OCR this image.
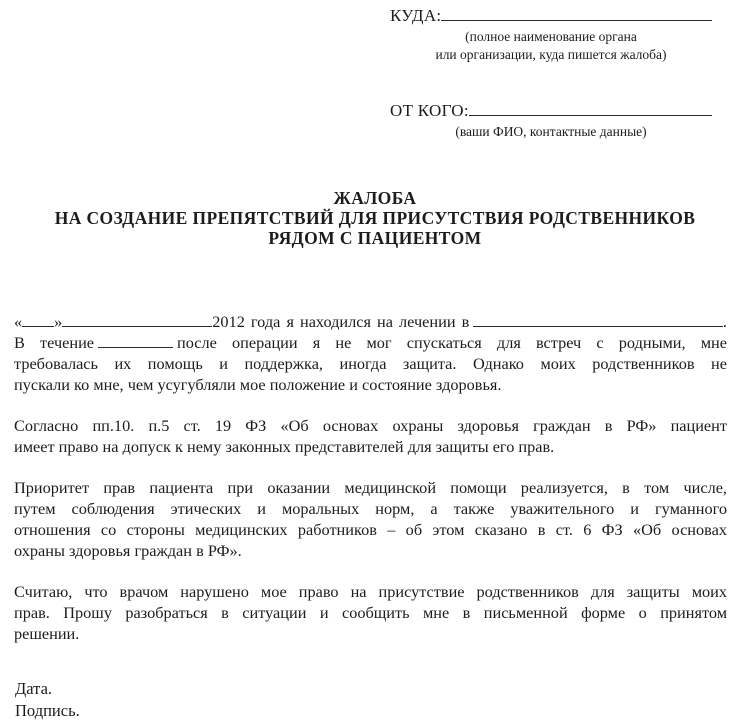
КУДА:
(полное наименование органа
или организации, куда пишется жалоба)
ОТ КОГО:
(ваши ФИО, контактные данные)
ЖАЛОБА
НА СОЗДАНИЕ ПРЕПЯТСТВИЙ ДЛЯ ПРИСУТСТВИЯ РОДСТВЕННИКОВ
РЯДОМ С ПАЦИЕНТОМ
« »	2012 года я находился на лечении в	.
В течение	после операции я не мог спускаться для встреч с родными, мне
требовалась их помощь и поддержка, иногда защита. Однако моих родственников не
пускали ко мне, чем усугубляли мое положение и состояние здоровья.
Согласно пп.10. п.5 ст. 19 ФЗ «Об основах охраны здоровья граждан в РФ» пациент
имеет право на допуск к нему законных представителей для защиты его прав.
Приоритет прав пациента при оказании медицинской помощи реализуется, в том числе,
путем соблюдения этических и моральных норм, а также уважительного и гуманного
отношения со стороны медицинских работников – об этом сказано в ст. 6 ФЗ «Об основах
охраны здоровья граждан в РФ».
Считаю, что врачом нарушено мое право на присутствие родственников для защиты моих
прав. Прошу разобраться в ситуации и сообщить мне в письменной форме о принятом
решении.
Дата.
Подпись.
